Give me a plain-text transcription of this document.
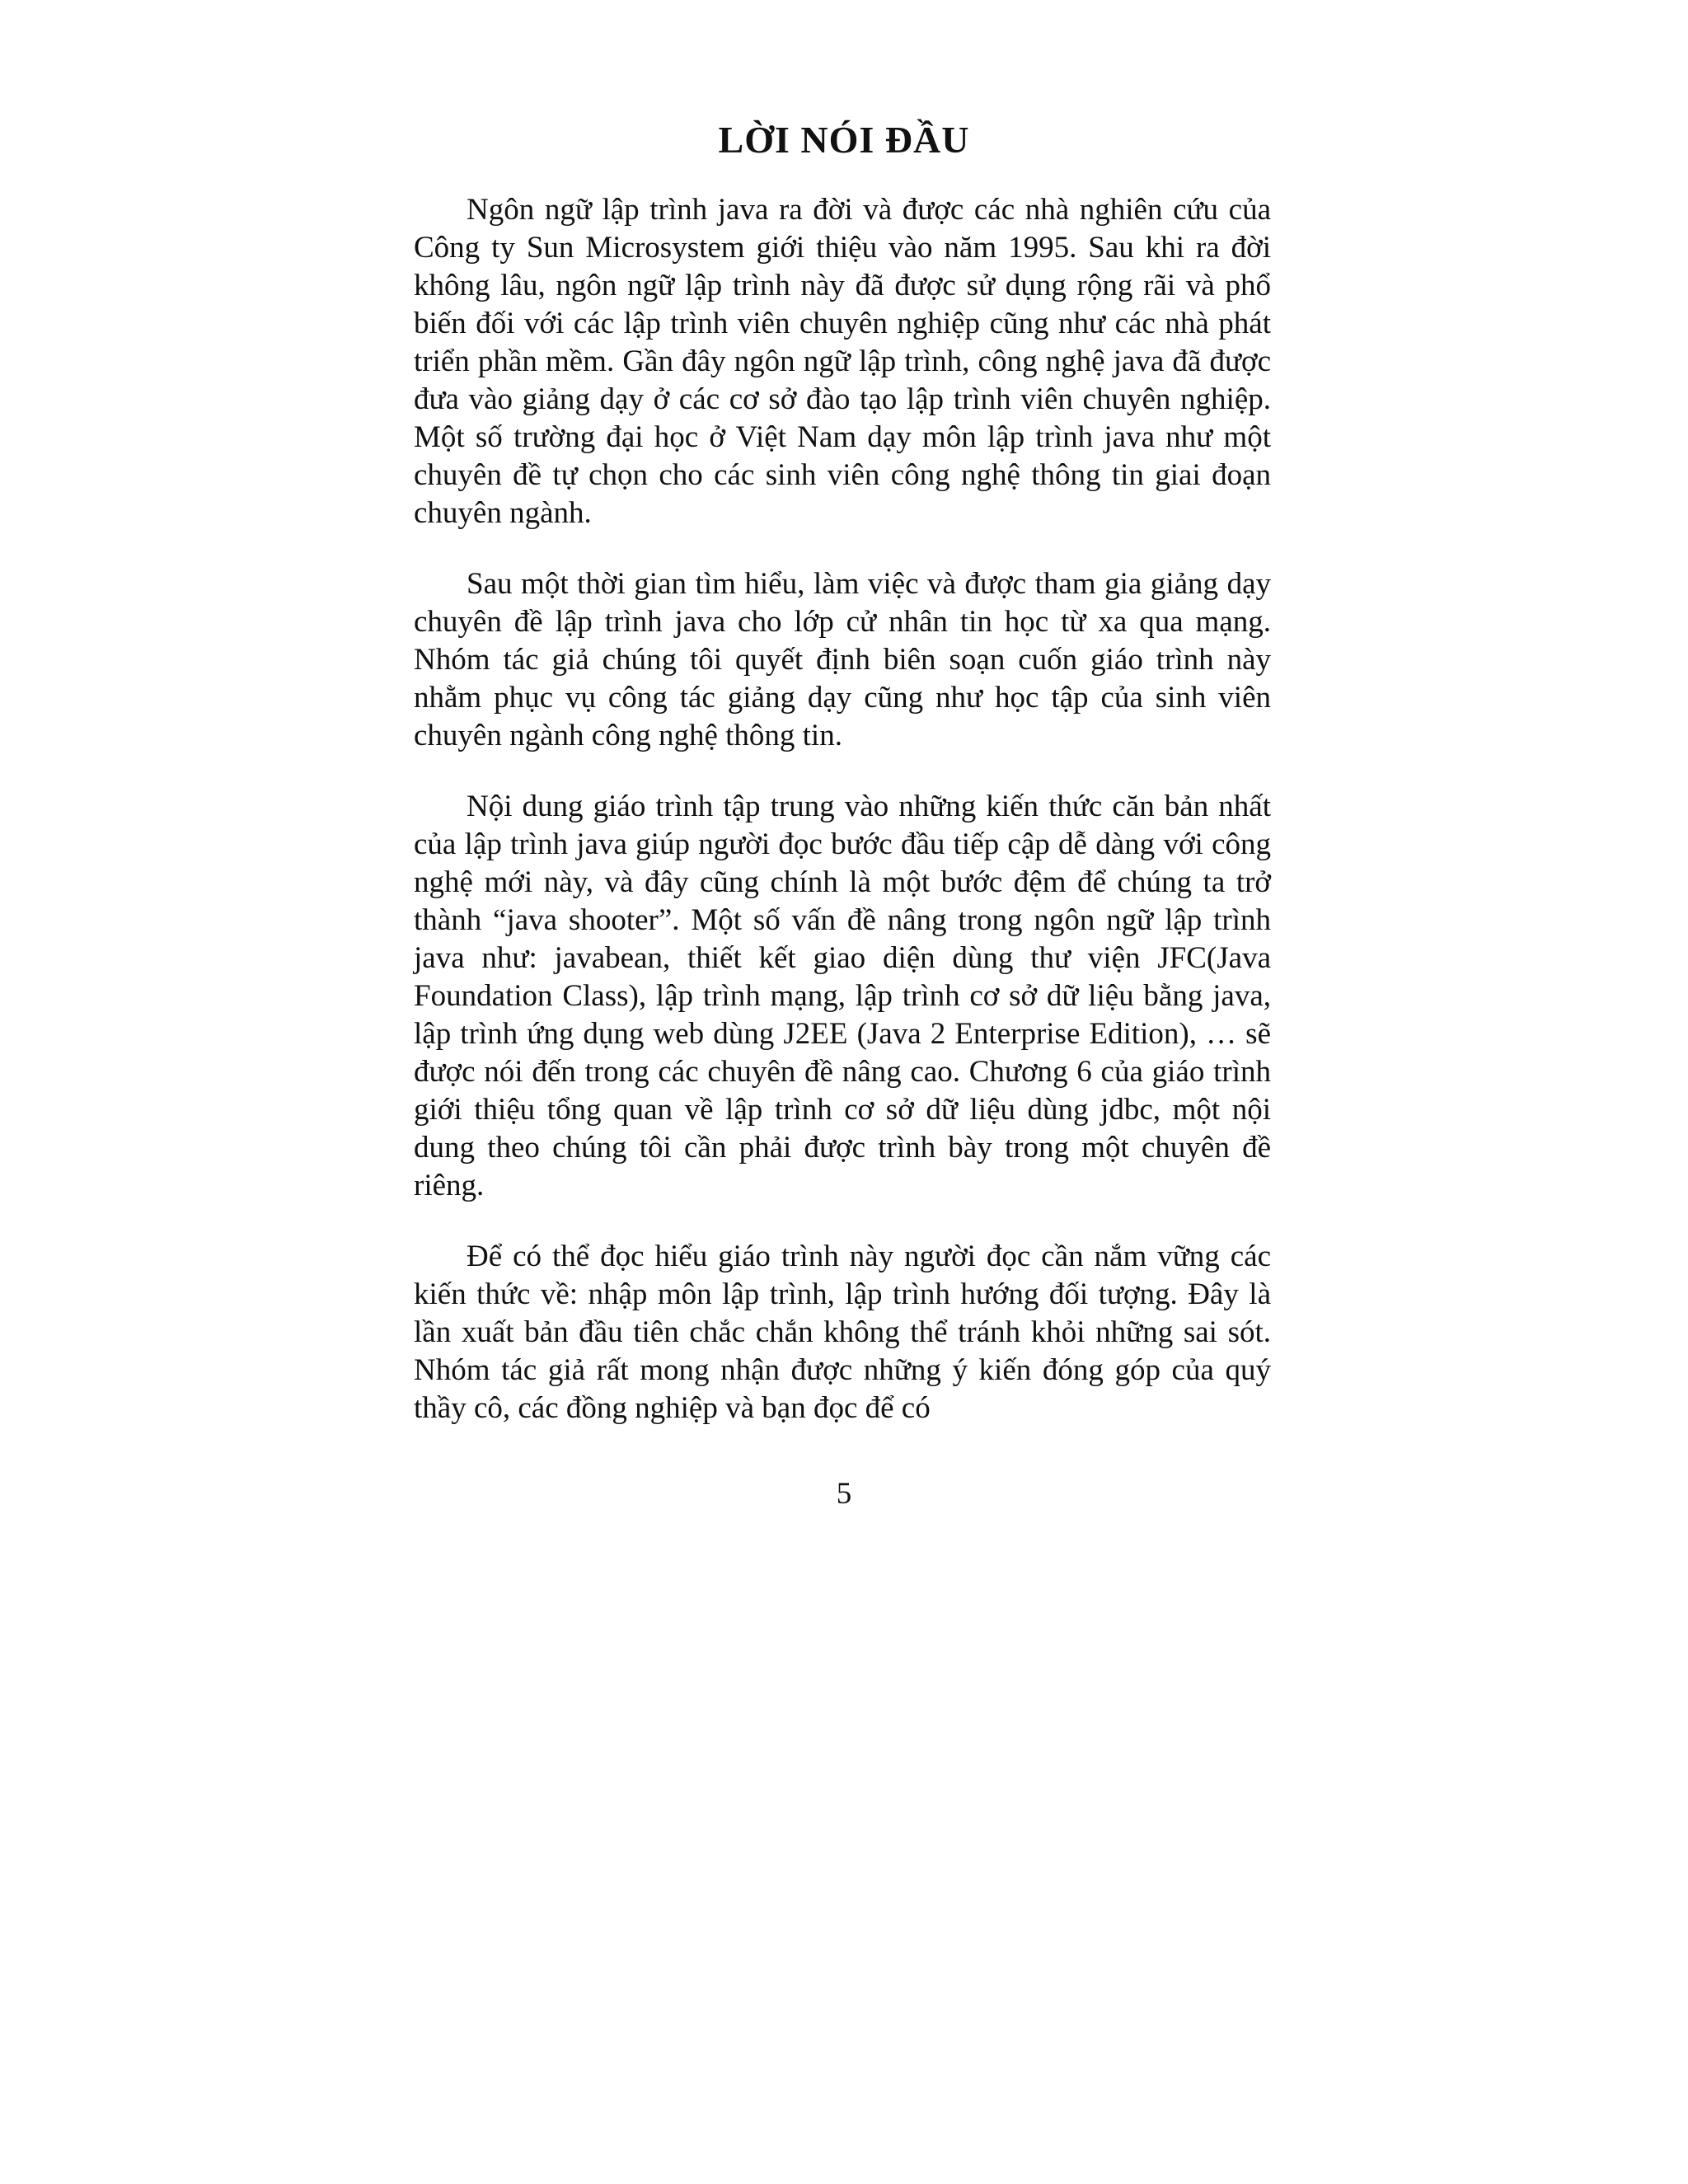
LỜI NÓI ĐẦU

Ngôn ngữ lập trình java ra đời và được các nhà nghiên cứu của Công ty Sun Microsystem giới thiệu vào năm 1995. Sau khi ra đời không lâu, ngôn ngữ lập trình này đã được sử dụng rộng rãi và phổ biến đối với các lập trình viên chuyên nghiệp cũng như các nhà phát triển phần mềm. Gần đây ngôn ngữ lập trình, công nghệ java đã được đưa vào giảng dạy ở các cơ sở đào tạo lập trình viên chuyên nghiệp. Một số trường đại học ở Việt Nam dạy môn lập trình java như một chuyên đề tự chọn cho các sinh viên công nghệ thông tin giai đoạn chuyên ngành.

Sau một thời gian tìm hiểu, làm việc và được tham gia giảng dạy chuyên đề lập trình java cho lớp cử nhân tin học từ xa qua mạng. Nhóm tác giả chúng tôi quyết định biên soạn cuốn giáo trình này nhằm phục vụ công tác giảng dạy cũng như học tập của sinh viên chuyên ngành công nghệ thông tin.

Nội dung giáo trình tập trung vào những kiến thức căn bản nhất của lập trình java giúp người đọc bước đầu tiếp cập dễ dàng với công nghệ mới này, và đây cũng chính là một bước đệm để chúng ta trở thành “java shooter”. Một số vấn đề nâng trong ngôn ngữ lập trình java như: javabean, thiết kết giao diện dùng thư viện JFC(Java Foundation Class), lập trình mạng, lập trình cơ sở dữ liệu bằng java, lập trình ứng dụng web dùng J2EE (Java 2 Enterprise Edition), … sẽ được nói đến trong các chuyên đề nâng cao. Chương 6 của giáo trình giới thiệu tổng quan về lập trình cơ sở dữ liệu dùng jdbc, một nội dung theo chúng tôi cần phải được trình bày trong một chuyên đề riêng.

Để có thể đọc hiểu giáo trình này người đọc cần nắm vững các kiến thức về: nhập môn lập trình, lập trình hướng đối tượng. Đây là lần xuất bản đầu tiên chắc chắn không thể tránh khỏi những sai sót. Nhóm tác giả rất mong nhận được những ý kiến đóng góp của quý thầy cô, các đồng nghiệp và bạn đọc để có

5
